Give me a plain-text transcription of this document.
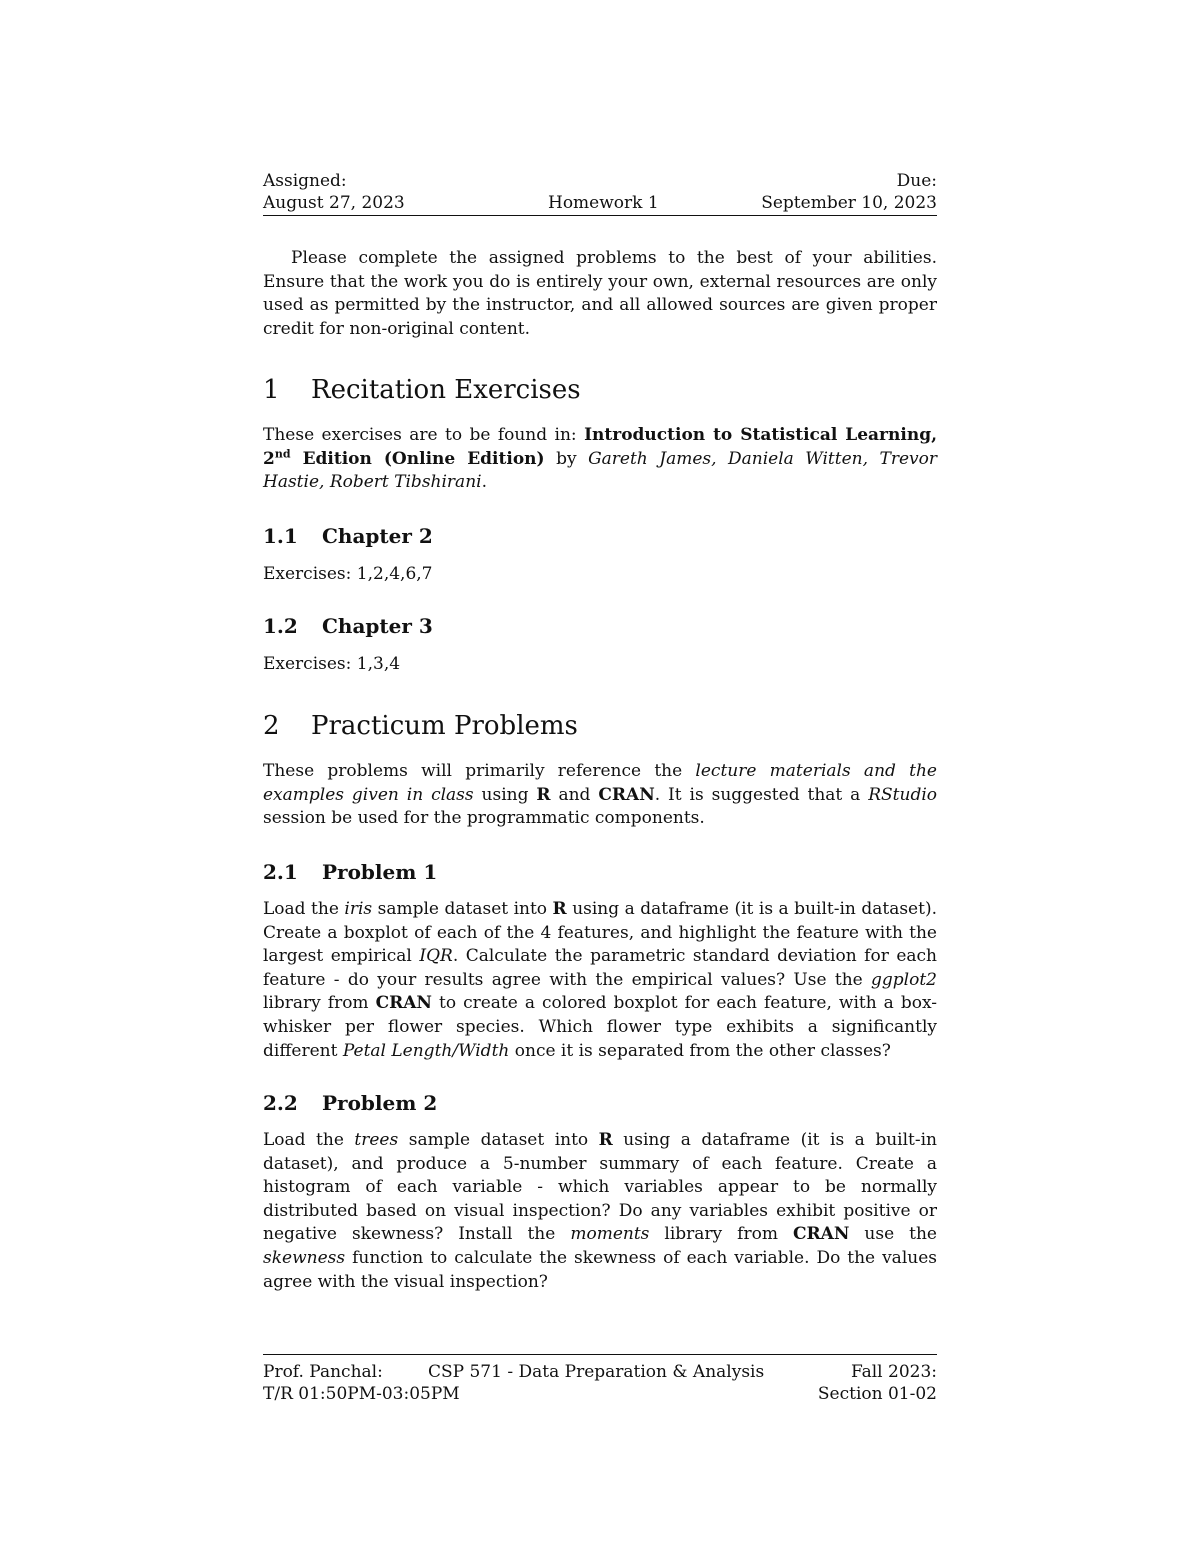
Assigned:	Due:
August 27, 2023	Homework 1	September 10, 2023

Please complete the assigned problems to the best of your abilities. Ensure that the work you do is entirely your own, external resources are only used as permitted by the instructor, and all allowed sources are given proper credit for non-original content.

1 Recitation Exercises

These exercises are to be found in: Introduction to Statistical Learning, 2nd Edition (Online Edition) by Gareth James, Daniela Witten, Trevor Hastie, Robert Tibshirani.

1.1 Chapter 2

Exercises: 1,2,4,6,7

1.2 Chapter 3

Exercises: 1,3,4

2 Practicum Problems

These problems will primarily reference the lecture materials and the examples given in class using R and CRAN. It is suggested that a RStudio session be used for the programmatic components.

2.1 Problem 1

Load the iris sample dataset into R using a dataframe (it is a built-in dataset). Create a boxplot of each of the 4 features, and highlight the feature with the largest empirical IQR. Calculate the parametric standard deviation for each feature - do your results agree with the empirical values? Use the ggplot2 library from CRAN to create a colored boxplot for each feature, with a box-whisker per flower species. Which flower type exhibits a significantly different Petal Length/Width once it is separated from the other classes?

2.2 Problem 2

Load the trees sample dataset into R using a dataframe (it is a built-in dataset), and produce a 5-number summary of each feature. Create a histogram of each variable - which variables appear to be normally distributed based on visual inspection? Do any variables exhibit positive or negative skewness? Install the moments library from CRAN use the skewness function to calculate the skewness of each variable. Do the values agree with the visual inspection?

Prof. Panchal:	CSP 571 - Data Preparation & Analysis	Fall 2023:
T/R 01:50PM-03:05PM	Section 01-02
